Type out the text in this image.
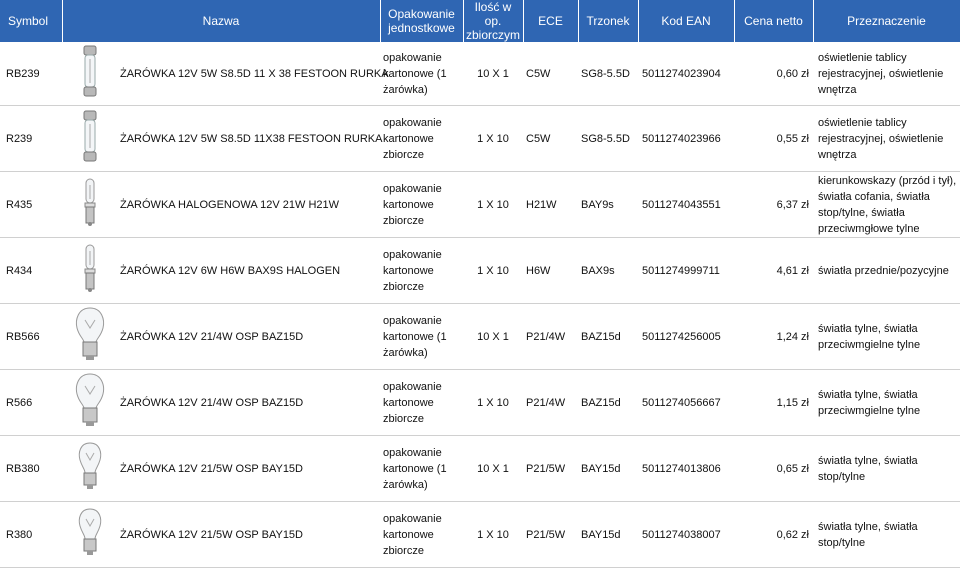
Symbol	Nazwa		Opakowanie
jednostkowe	Ilość w op.
zbiorczym	ECE	Trzonek	Kod EAN	Cena netto	Przeznaczenie
RB239		ŻARÓWKA 12V 5W S8.5D 11 X 38 FESTOON RURKA	opakowanie kartonowe (1 żarówka)	10 X 1	C5W	SG8-5.5D	5011274023904	0,60 zł	oświetlenie tablicy rejestracyjnej, oświetlenie wnętrza
R239		ŻARÓWKA 12V 5W S8.5D 11X38 FESTOON RURKA	opakowanie kartonowe zbiorcze	1 X 10	C5W	SG8-5.5D	5011274023966	0,55 zł	oświetlenie tablicy rejestracyjnej, oświetlenie wnętrza
R435		ŻARÓWKA HALOGENOWA 12V 21W H21W	opakowanie kartonowe zbiorcze	1 X 10	H21W	BAY9s	5011274043551	6,37 zł	kierunkowskazy (przód i tył), światła cofania, światła stop/tylne, światła przeciwmgłowe tylne
R434		ŻARÓWKA 12V 6W H6W BAX9S HALOGEN	opakowanie kartonowe zbiorcze	1 X 10	H6W	BAX9s	5011274999711	4,61 zł	światła przednie/pozycyjne
RB566		ŻARÓWKA 12V 21/4W OSP BAZ15D	opakowanie kartonowe (1 żarówka)	10 X 1	P21/4W	BAZ15d	5011274256005	1,24 zł	światła tylne, światła przeciwmgielne tylne
R566		ŻARÓWKA 12V 21/4W OSP BAZ15D	opakowanie kartonowe zbiorcze	1 X 10	P21/4W	BAZ15d	5011274056667	1,15 zł	światła tylne, światła przeciwmgielne tylne
RB380		ŻARÓWKA 12V 21/5W OSP BAY15D	opakowanie kartonowe (1 żarówka)	10 X 1	P21/5W	BAY15d	5011274013806	0,65 zł	światła tylne, światła stop/tylne
R380		ŻARÓWKA 12V 21/5W OSP BAY15D	opakowanie kartonowe zbiorcze	1 X 10	P21/5W	BAY15d	5011274038007	0,62 zł	światła tylne, światła stop/tylne
